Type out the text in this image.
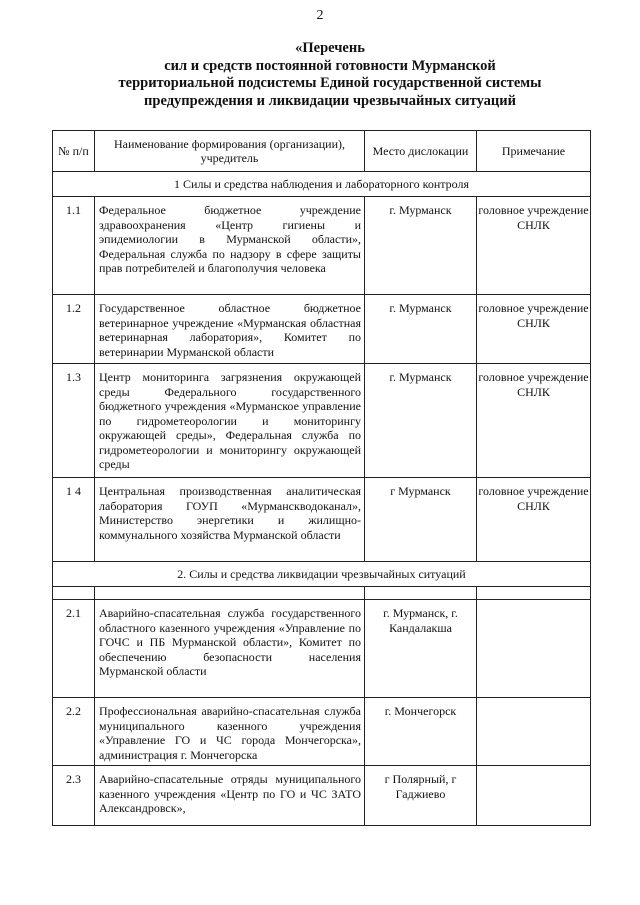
2
«Перечень
сил и средств постоянной готовности Мурманской
территориальной подсистемы Единой государственной системы
предупреждения и ликвидации чрезвычайных ситуаций
№ п/п	Наименование формирования (организации), учредитель	Место дислокации	Примечание
1 Силы и средства наблюдения и лабораторного контроля			
1.1	Федеральное бюджетное учреждение здравоохранения «Центр гигиены и эпидемиологии в Мурманской области», Федеральная служба по надзору в сфере защиты прав потребителей и благополучия человека	г. Мурманск	головное учреждение СНЛК
1.2	Государственное областное бюджетное ветеринарное учреждение «Мурманская областная ветеринарная лаборатория», Комитет по ветеринарии Мурманской области	г. Мурманск	головное учреждение СНЛК
1.3	Центр мониторинга загрязнения окружающей среды Федерального государственного бюджетного учреждения «Мурманское управление по гидрометеорологии и мониторингу окружающей среды», Федеральная служба по гидрометеорологии и мониторингу окружающей среды	г. Мурманск	головное учреждение СНЛК
1 4	Центральная производственная аналитическая лаборатория ГОУП «Мурманскводоканал», Министерство энергетики и жилищно-коммунального хозяйства Мурманской области	г Мурманск	головное учреждение СНЛК
2. Силы и средства ликвидации чрезвычайных ситуаций			

2.1	Аварийно-спасательная служба государственного областного казенного учреждения «Управление по ГОЧС и ПБ Мурманской области», Комитет по обеспечению безопасности населения Мурманской области	г. Мурманск, г. Кандалакша	
2.2	Профессиональная аварийно-спасательная служба муниципального казенного учреждения «Управление ГО и ЧС города Мончегорска», администрация г. Мончегорска	г. Мончегорск	
2.3	Аварийно-спасательные отряды муниципального казенного учреждения «Центр по ГО и ЧС ЗАТО Александровск»,	г Полярный, г Гаджиево	
